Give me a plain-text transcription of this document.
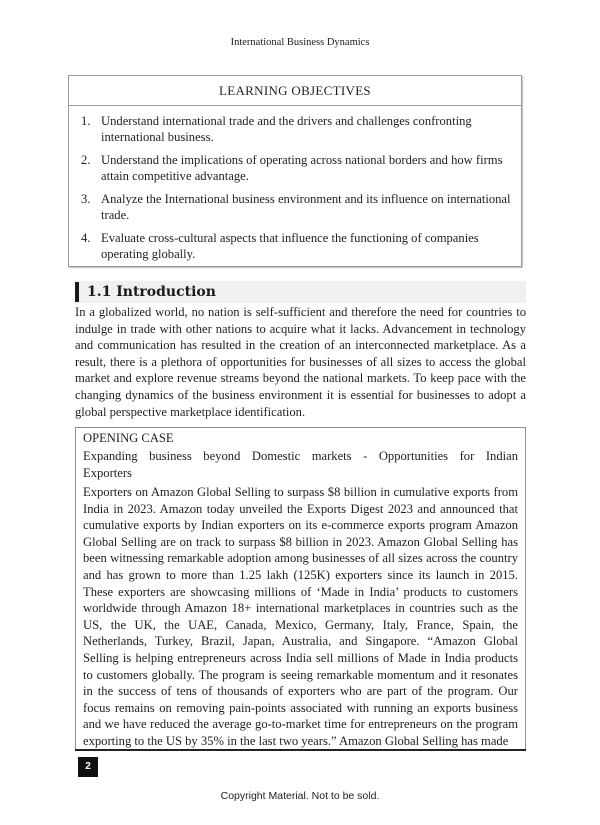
International Business Dynamics
LEARNING OBJECTIVES
1. Understand international trade and the drivers and challenges confronting international business.
2. Understand the implications of operating across national borders and how firms attain competitive advantage.
3. Analyze the International business environment and its influence on international trade.
4. Evaluate cross-cultural aspects that influence the functioning of companies operating globally.
1.1 Introduction

In a globalized world, no nation is self-sufficient and therefore the need for countries to indulge in trade with other nations to acquire what it lacks. Advancement in technology and communication has resulted in the creation of an interconnected marketplace. As a result, there is a plethora of opportunities for businesses of all sizes to access the global market and explore revenue streams beyond the national markets. To keep pace with the changing dynamics of the business environment it is essential for businesses to adopt a global perspective marketplace identification.

OPENING CASE

Expanding business beyond Domestic markets - Opportunities for Indian Exporters

Exporters on Amazon Global Selling to surpass $8 billion in cumulative exports from India in 2023. Amazon today unveiled the Exports Digest 2023 and announced that cumulative exports by Indian exporters on its e-commerce exports program Amazon Global Selling are on track to surpass $8 billion in 2023. Amazon Global Selling has been witnessing remarkable adoption among businesses of all sizes across the country and has grown to more than 1.25 lakh (125K) exporters since its launch in 2015. These exporters are showcasing millions of ‘Made in India’ products to customers worldwide through Amazon 18+ international marketplaces in countries such as the US, the UK, the UAE, Canada, Mexico, Germany, Italy, France, Spain, the Netherlands, Turkey, Brazil, Japan, Australia, and Singapore. “Amazon Global Selling is helping entrepreneurs across India sell millions of Made in India products to customers globally. The program is seeing remarkable momentum and it resonates in the success of tens of thousands of exporters who are part of the program. Our focus remains on removing pain-points associated with running an exports business and we have reduced the average go-to-market time for entrepreneurs on the program exporting to the US by 35% in the last two years.” Amazon Global Selling has made

2
Copyright Material. Not to be sold.
